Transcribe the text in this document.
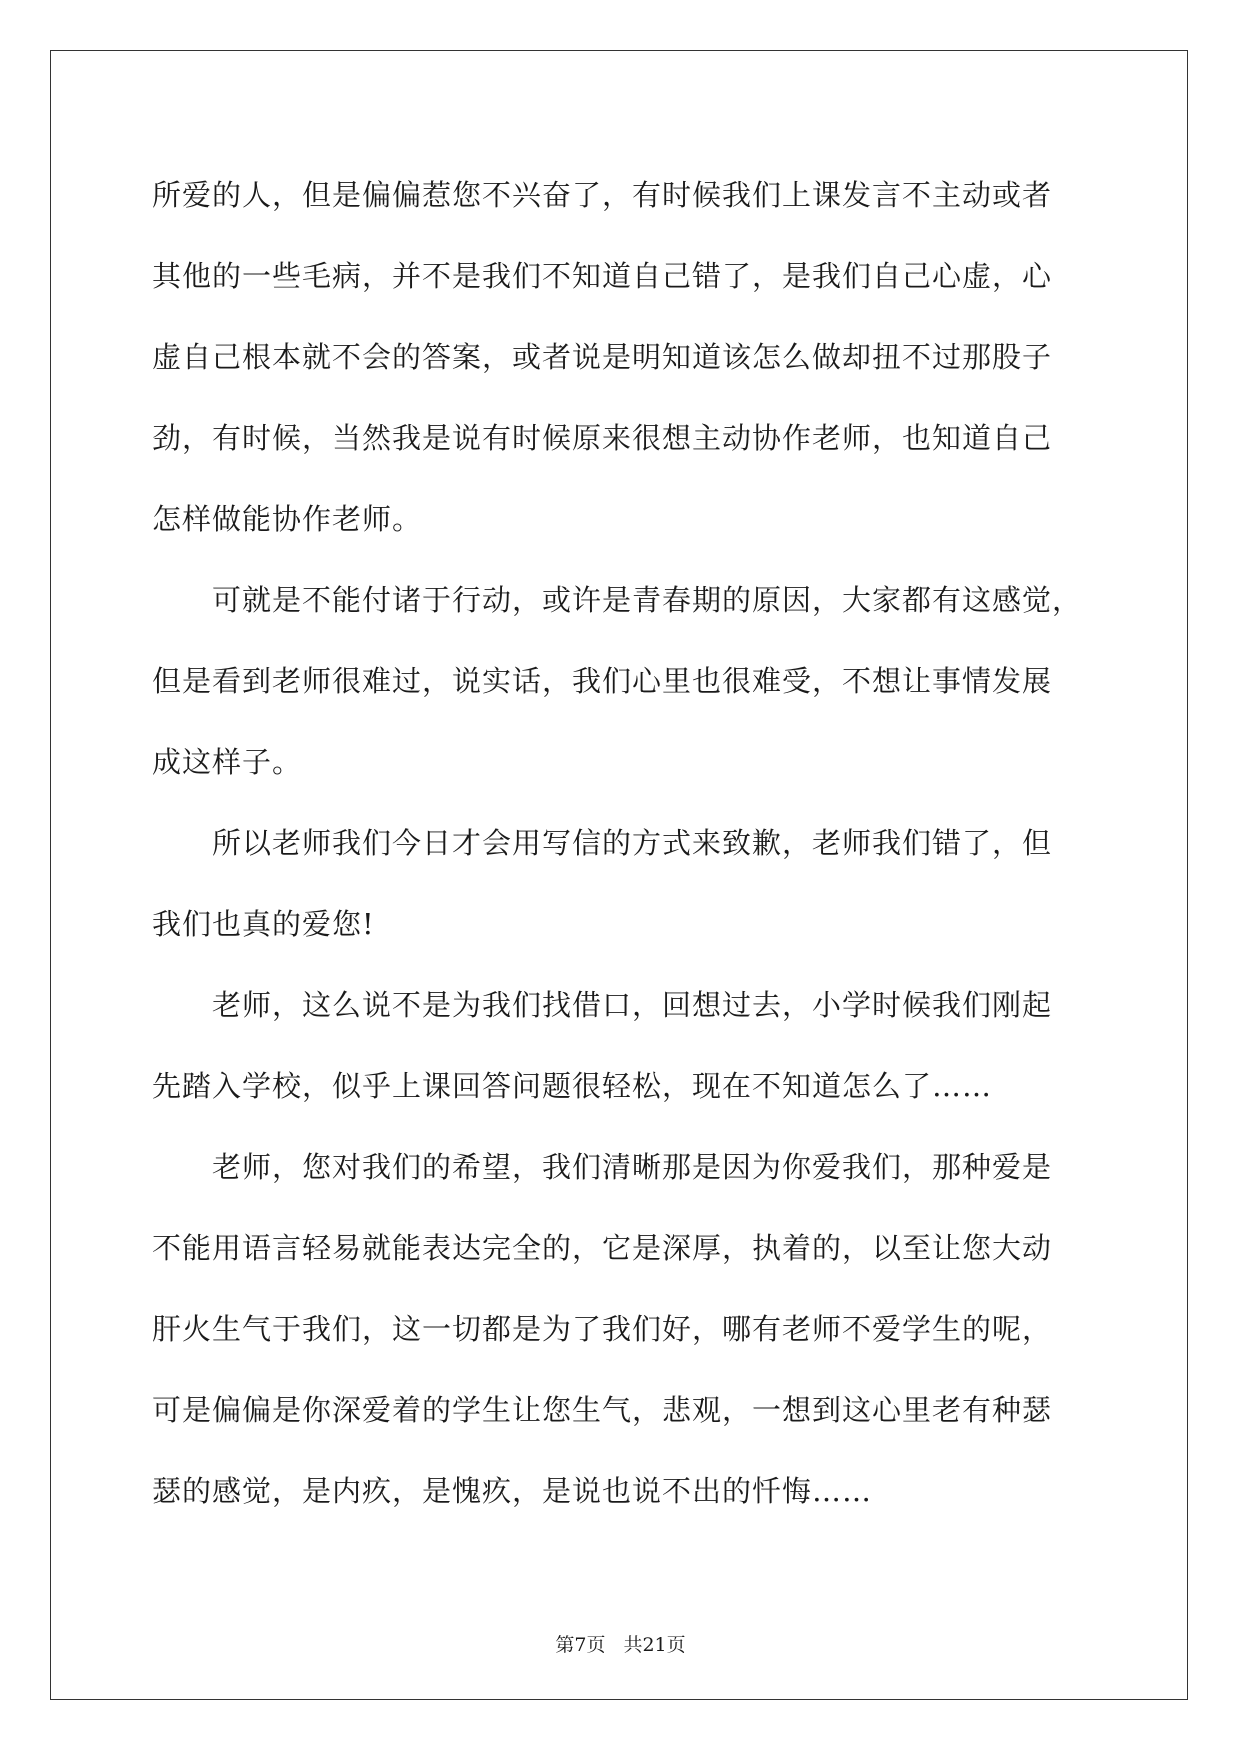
所爱的人，但是偏偏惹您不兴奋了，有时候我们上课发言不主动或者
其他的一些毛病，并不是我们不知道自己错了，是我们自己心虚，心
虚自己根本就不会的答案，或者说是明知道该怎么做却扭不过那股子
劲，有时候，当然我是说有时候原来很想主动协作老师，也知道自己
怎样做能协作老师。
　　可就是不能付诸于行动，或许是青春期的原因，大家都有这感觉，
但是看到老师很难过，说实话，我们心里也很难受，不想让事情发展
成这样子。
　　所以老师我们今日才会用写信的方式来致歉，老师我们错了，但
我们也真的爱您!
　　老师，这么说不是为我们找借口，回想过去，小学时候我们刚起
先踏入学校，似乎上课回答问题很轻松，现在不知道怎么了……
　　老师，您对我们的希望，我们清晰那是因为你爱我们，那种爱是
不能用语言轻易就能表达完全的，它是深厚，执着的，以至让您大动
肝火生气于我们，这一切都是为了我们好，哪有老师不爱学生的呢，
可是偏偏是你深爱着的学生让您生气，悲观，一想到这心里老有种瑟
瑟的感觉，是内疚，是愧疚，是说也说不出的忏悔……
第7页 共21页
